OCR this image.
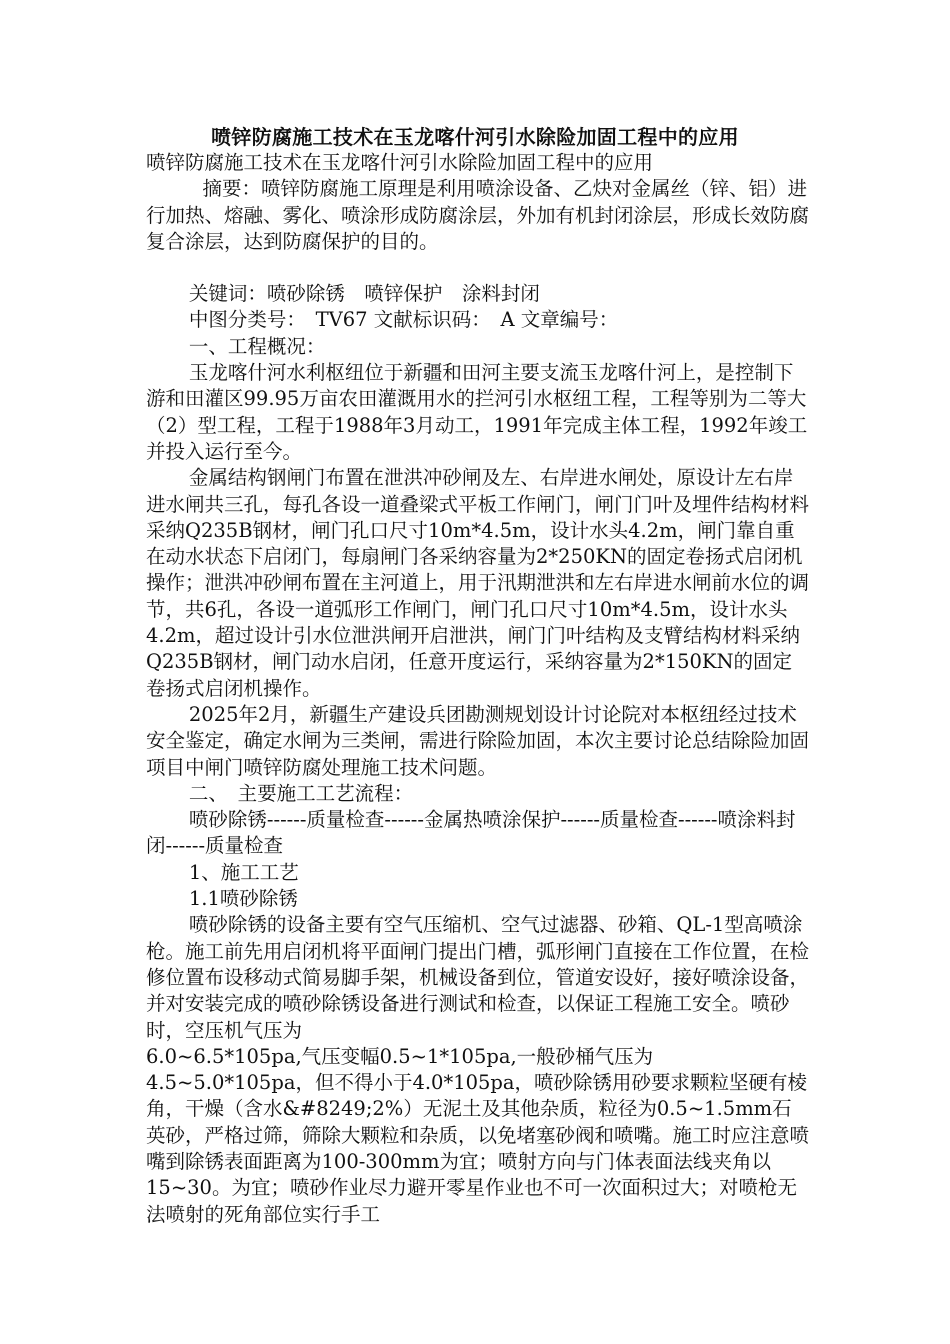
喷锌防腐施工技术在玉龙喀什河引水除险加固工程中的应用

喷锌防腐施工技术在玉龙喀什河引水除险加固工程中的应用

摘要：喷锌防腐施工原理是利用喷涂设备、乙炔对金属丝（锌、铝）进行加热、熔融、雾化、喷涂形成防腐涂层，外加有机封闭涂层，形成长效防腐复合涂层，达到防腐保护的目的。

关键词：喷砂除锈　喷锌保护　涂料封闭

中图分类号：　TV67 文献标识码：　A 文章编号：

一、工程概况：

玉龙喀什河水利枢纽位于新疆和田河主要支流玉龙喀什河上，是控制下游和田灌区99.95万亩农田灌溉用水的拦河引水枢纽工程，工程等别为二等大（2）型工程，工程于1988年3月动工，1991年完成主体工程，1992年竣工并投入运行至今。

金属结构钢闸门布置在泄洪冲砂闸及左、右岸进水闸处，原设计左右岸进水闸共三孔，每孔各设一道叠梁式平板工作闸门，闸门门叶及埋件结构材料采纳Q235B钢材，闸门孔口尺寸10m*4.5m，设计水头4.2m，闸门靠自重在动水状态下启闭门，每扇闸门各采纳容量为2*250KN的固定卷扬式启闭机操作；泄洪冲砂闸布置在主河道上，用于汛期泄洪和左右岸进水闸前水位的调节，共6孔，各设一道弧形工作闸门，闸门孔口尺寸10m*4.5m，设计水头4.2m，超过设计引水位泄洪闸开启泄洪，闸门门叶结构及支臂结构材料采纳Q235B钢材，闸门动水启闭，任意开度运行，采纳容量为2*150KN的固定卷扬式启闭机操作。

2025年2月，新疆生产建设兵团勘测规划设计讨论院对本枢纽经过技术安全鉴定，确定水闸为三类闸，需进行除险加固，本次主要讨论总结除险加固项目中闸门喷锌防腐处理施工技术问题。

二、　主要施工工艺流程：

喷砂除锈------质量检查------金属热喷涂保护------质量检查------喷涂料封闭------质量检查

1、施工工艺

1.1喷砂除锈

喷砂除锈的设备主要有空气压缩机、空气过滤器、砂箱、QL-1型高喷涂枪。施工前先用启闭机将平面闸门提出门槽，弧形闸门直接在工作位置，在检修位置布设移动式简易脚手架，机械设备到位，管道安设好，接好喷涂设备，并对安装完成的喷砂除锈设备进行测试和检查，以保证工程施工安全。喷砂时，空压机气压为

6.0~6.5*105pa,气压变幅0.5~1*105pa,一般砂桶气压为

4.5~5.0*105pa，但不得小于4.0*105pa，喷砂除锈用砂要求颗粒坚硬有棱角，干燥（含水&#8249;2%）无泥土及其他杂质，粒径为0.5~1.5mm石英砂，严格过筛，筛除大颗粒和杂质，以免堵塞砂阀和喷嘴。施工时应注意喷嘴到除锈表面距离为100-300mm为宜；喷射方向与门体表面法线夹角以15~30。为宜；喷砂作业尽力避开零星作业也不可一次面积过大；对喷枪无法喷射的死角部位实行手工
